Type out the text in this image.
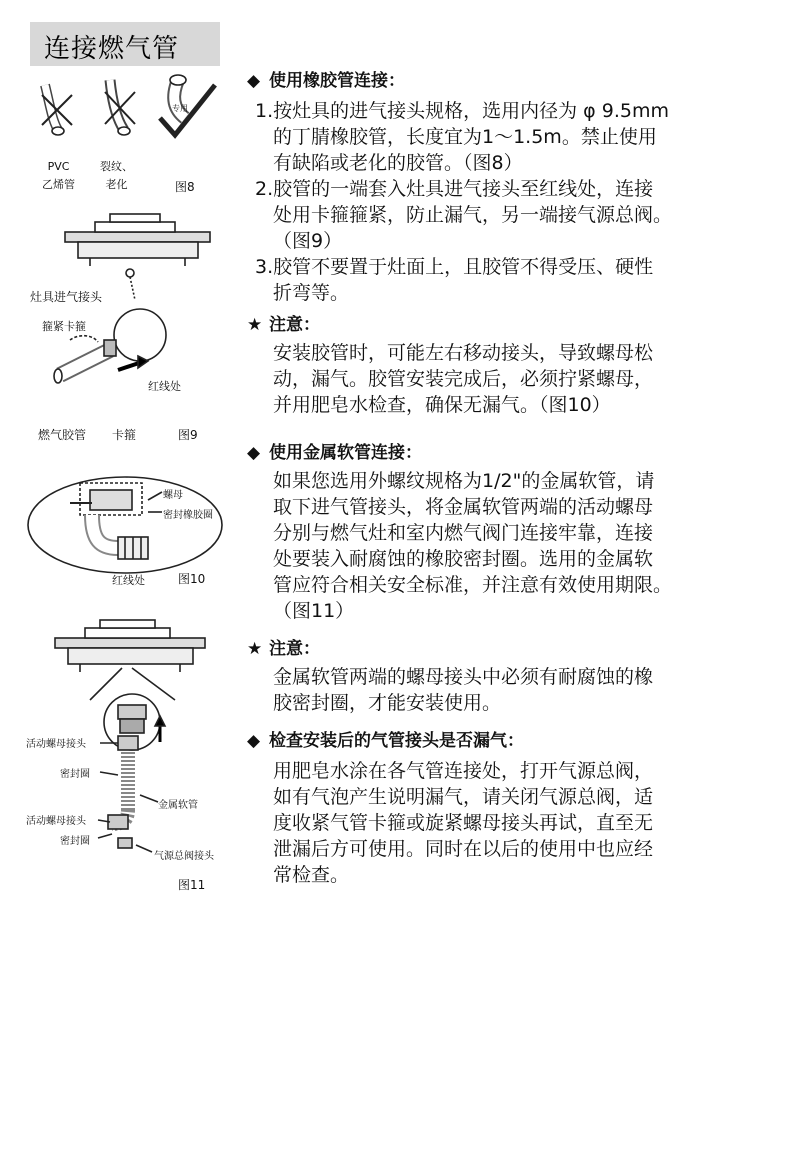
连接燃气管
PVC
乙烯管
裂纹、
老化
专用
图8
灶具进气接头
箍紧卡箍
红线处
燃气胶管 卡箍	图9
螺母
密封橡胶圈
红线处	图10
活动螺母接头
密封圈
金属软管
活动螺母接头
密封圈
气源总阀接头
图11

◆ 使用橡胶管连接：

1.按灶具的进气接头规格，选用内径为 φ 9.5mm

的丁腈橡胶管，长度宜为1～1.5m。禁止使用

有缺陷或老化的胶管。（图8）

2.胶管的一端套入灶具进气接头至红线处，连接

处用卡箍箍紧，防止漏气，另一端接气源总阀。

（图9）

3.胶管不要置于灶面上，且胶管不得受压、硬性

折弯等。

★ 注意：

安装胶管时，可能左右移动接头，导致螺母松

动，漏气。胶管安装完成后，必须拧紧螺母，

并用肥皂水检查，确保无漏气。（图10）

◆ 使用金属软管连接：

如果您选用外螺纹规格为1/2"的金属软管，请

取下进气管接头，将金属软管两端的活动螺母

分别与燃气灶和室内燃气阀门连接牢靠，连接

处要装入耐腐蚀的橡胶密封圈。选用的金属软

管应符合相关安全标准，并注意有效使用期限。

（图11）

★ 注意：

金属软管两端的螺母接头中必须有耐腐蚀的橡

胶密封圈，才能安装使用。

◆ 检查安装后的气管接头是否漏气：

用肥皂水涂在各气管连接处，打开气源总阀，

如有气泡产生说明漏气，请关闭气源总阀，适

度收紧气管卡箍或旋紧螺母接头再试，直至无

泄漏后方可使用。同时在以后的使用中也应经

常检查。
